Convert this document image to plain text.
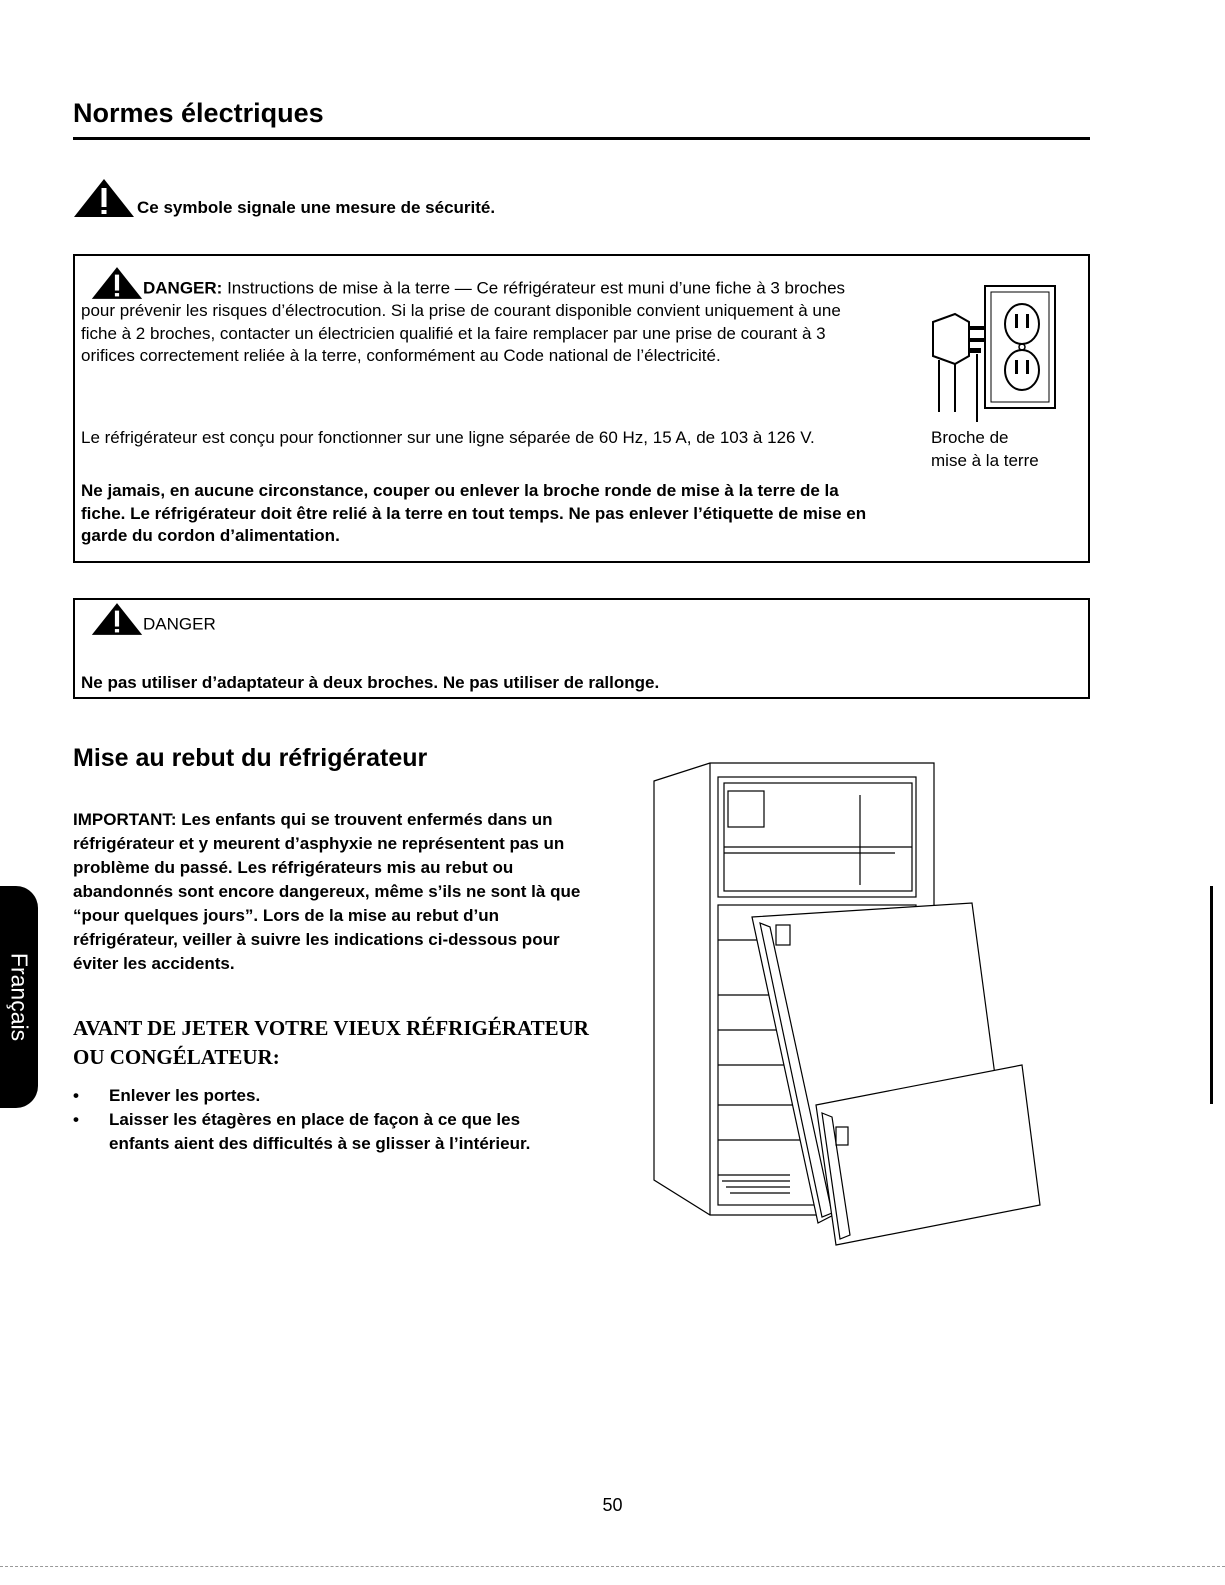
Normes électriques
Ce symbole signale une mesure de sécurité.
DANGER: Instructions de mise à la terre — Ce réfrigérateur est muni d’une fiche à 3 broches pour prévenir les risques d’électrocution. Si la prise de courant disponible convient uniquement à une fiche à 2 broches, contacter un électricien qualifié et la faire remplacer par une prise de courant à 3 orifices correctement reliée à la terre, conformément au Code national de l’électricité.
Le réfrigérateur est conçu pour fonctionner sur une ligne séparée de 60 Hz, 15 A, de 103 à 126 V.
Ne jamais, en aucune circonstance, couper ou enlever la broche ronde de mise à la terre de la fiche. Le réfrigérateur doit être relié à la terre en tout temps. Ne pas enlever l’étiquette de mise en garde du cordon d’alimentation.
Broche de
mise à la terre
DANGER
Ne pas utiliser d’adaptateur à deux broches. Ne pas utiliser de rallonge.
Mise au rebut du réfrigérateur
IMPORTANT: Les enfants qui se trouvent enfermés dans un réfrigérateur et y meurent d’asphyxie ne représentent pas un problème du passé. Les réfrigérateurs mis au rebut ou abandonnés sont encore dangereux, même s’ils ne sont là que “pour quelques jours”. Lors de la mise au rebut d’un réfrigérateur, veiller à suivre les indications ci-dessous pour éviter les accidents.
AVANT DE JETER VOTRE VIEUX RÉFRIGÉRATEUR OU CONGÉLATEUR:
• Enlever les portes.
• Laisser les étagères en place de façon à ce que les enfants aient des difficultés à se glisser à l’intérieur.
Français
50
